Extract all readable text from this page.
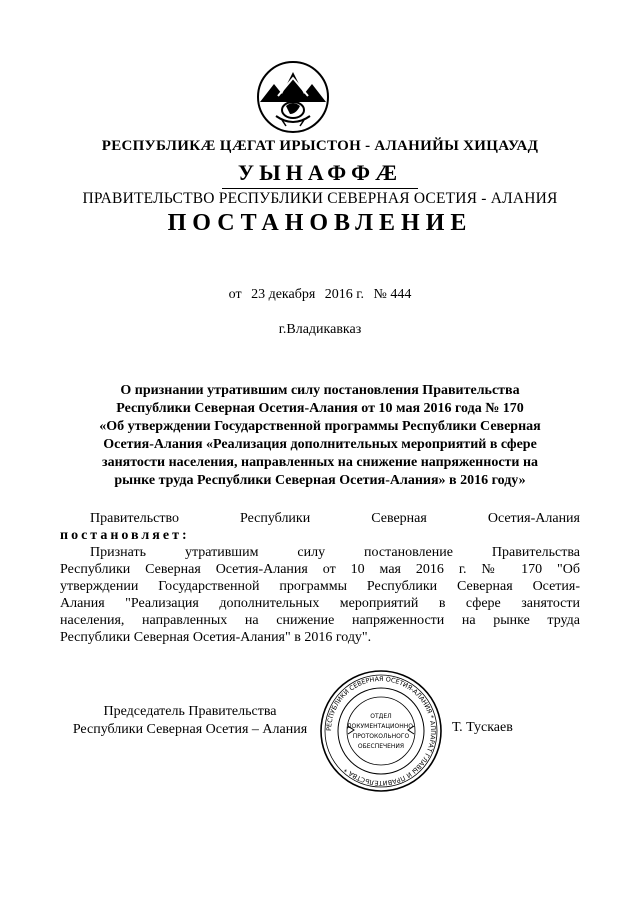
РЕСПУБЛИКӔ ЦӔГАТ ИРЫСТОН - АЛАНИЙЫ ХИЦАУАД
УЫНАФФӔ
ПРАВИТЕЛЬСТВО РЕСПУБЛИКИ СЕВЕРНАЯ ОСЕТИЯ - АЛАНИЯ
ПОСТАНОВЛЕНИЕ
от 23 декабря 2016 г. № 444
г.Владикавказ
О признании утратившим силу постановления Правительства
Республики Северная Осетия-Алания от 10 мая 2016 года № 170
«Об утверждении Государственной программы Республики Северная
Осетия-Алания «Реализация дополнительных мероприятий в сфере
занятости населения, направленных на снижение напряженности на
рынке труда Республики Северная Осетия-Алания» в 2016 году»
Правительство Республики Северная Осетия-Алания
постановляет:
Признать утратившим силу постановление Правительства
Республики Северная Осетия-Алания от 10 мая 2016 г. № 170 "Об
утверждении Государственной программы Республики Северная Осетия-
Алания "Реализация дополнительных мероприятий в сфере занятости
населения, направленных на снижение напряженности на рынке труда
Республики Северная Осетия-Алания" в 2016 году".
Председатель Правительства
Республики Северная Осетия – Алания	РЕСПУБЛИКИ СЕВЕРНАЯ ОСЕТИЯ-АЛАНИЯ * АППАРАТ ГЛАВЫ И ПРАВИТЕЛЬСТВА *
ОТДЕЛ
ДОКУМЕНТАЦИОННО-
ПРОТОКОЛЬНОГО
ОБЕСПЕЧЕНИЯ
Т. Тускаев
